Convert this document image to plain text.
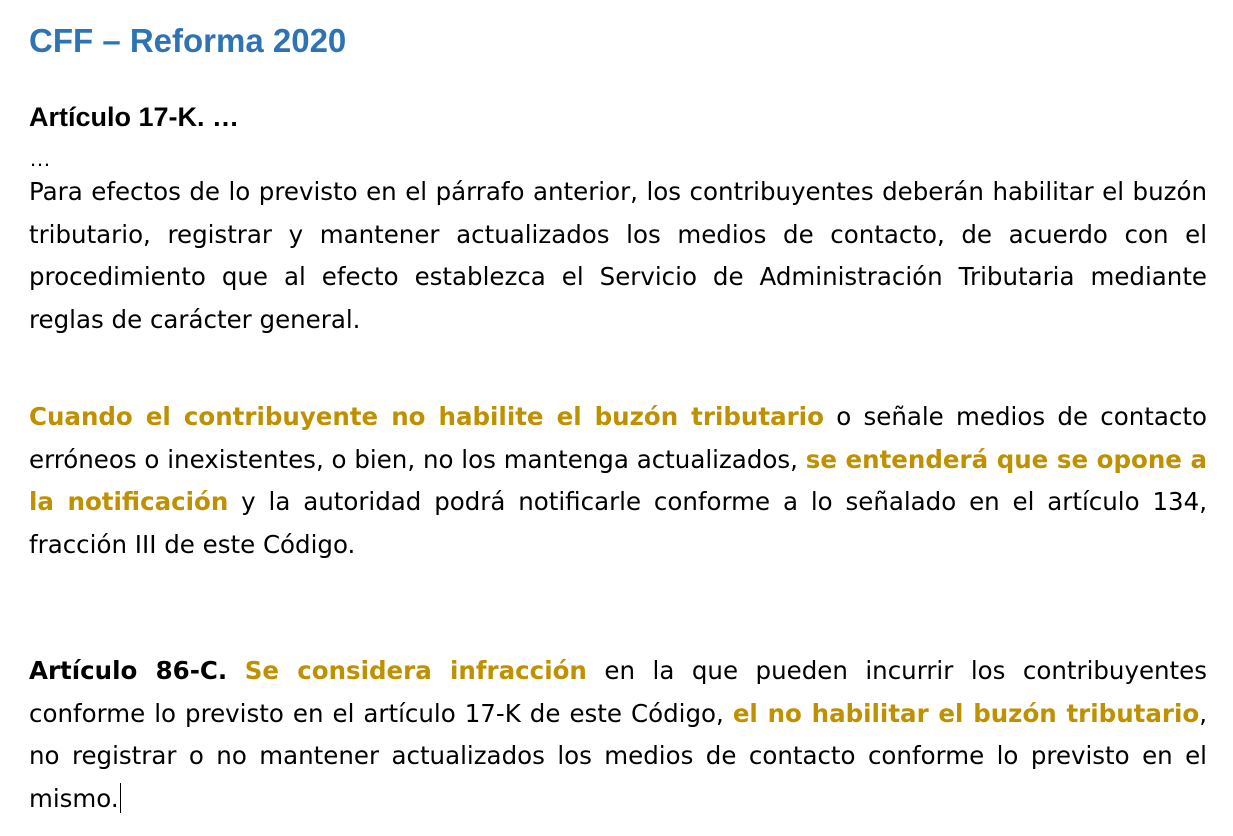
CFF – Reforma 2020
Artículo 17-K. …
…

Para efectos de lo previsto en el párrafo anterior, los contribuyentes deberán habilitar el buzón tributario, registrar y mantener actualizados los medios de contacto, de acuerdo con el procedimiento que al efecto establezca el Servicio de Administración Tributaria mediante reglas de carácter general.

Cuando el contribuyente no habilite el buzón tributario o señale medios de contacto erróneos o inexistentes, o bien, no los mantenga actualizados, se entenderá que se opone a la notificación y la autoridad podrá notificarle conforme a lo señalado en el artículo 134, fracción III de este Código.

Artículo 86-C. Se considera infracción en la que pueden incurrir los contribuyentes conforme lo previsto en el artículo 17-K de este Código, el no habilitar el buzón tributario, no registrar o no mantener actualizados los medios de contacto conforme lo previsto en el mismo.
